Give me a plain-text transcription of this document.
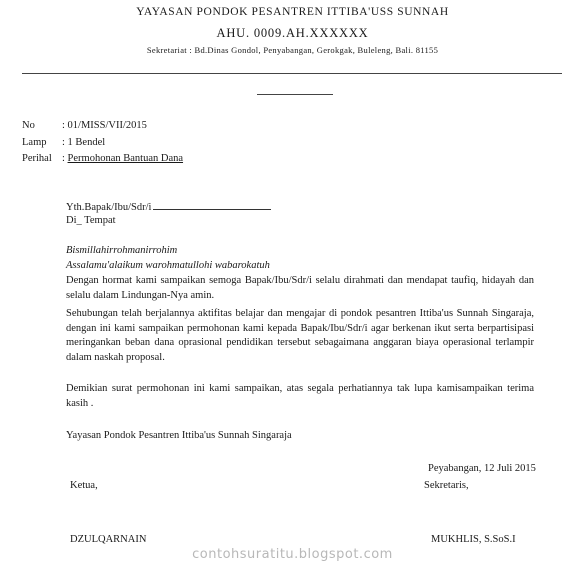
YAYASAN PONDOK PESANTREN ITTIBA'USS SUNNAH
AHU. 0009.AH.XXXXXX
Sekretariat : Bd.Dinas Gondol, Penyabangan, Gerokgak, Buleleng, Bali. 81155
No	: 01/MISS/VII/2015
Lamp : 1 Bendel
Perihal : Permohonan Bantuan Dana
Yth.Bapak/Ibu/Sdr/i
Di_ Tempat
Bismillahirrohmanirrohim
Assalamu'alaikum warohmatullohi wabarokatuh
Dengan hormat kami sampaikan semoga Bapak/Ibu/Sdr/i selalu dirahmati dan mendapat taufiq, hidayah dan selalu dalam Lindungan-Nya amin.
Sehubungan telah berjalannya aktifitas belajar dan mengajar di pondok pesantren Ittiba'us Sunnah Singaraja, dengan ini kami sampaikan permohonan kami kepada Bapak/Ibu/Sdr/i agar berkenan ikut serta berpartisipasi meringankan beban dana oprasional pendidikan tersebut sebagaimana anggaran biaya operasional terlampir dalam naskah proposal.
Demikian surat permohonan ini kami sampaikan, atas segala perhatiannya tak lupa kamisampaikan terima kasih .
Yayasan Pondok Pesantren Ittiba'us Sunnah Singaraja
Peyabangan, 12 Juli 2015
Ketua,	Sekretaris,
DZULQARNAIN	MUKHLIS, S.SoS.I
contohsuratitu.blogspot.com
